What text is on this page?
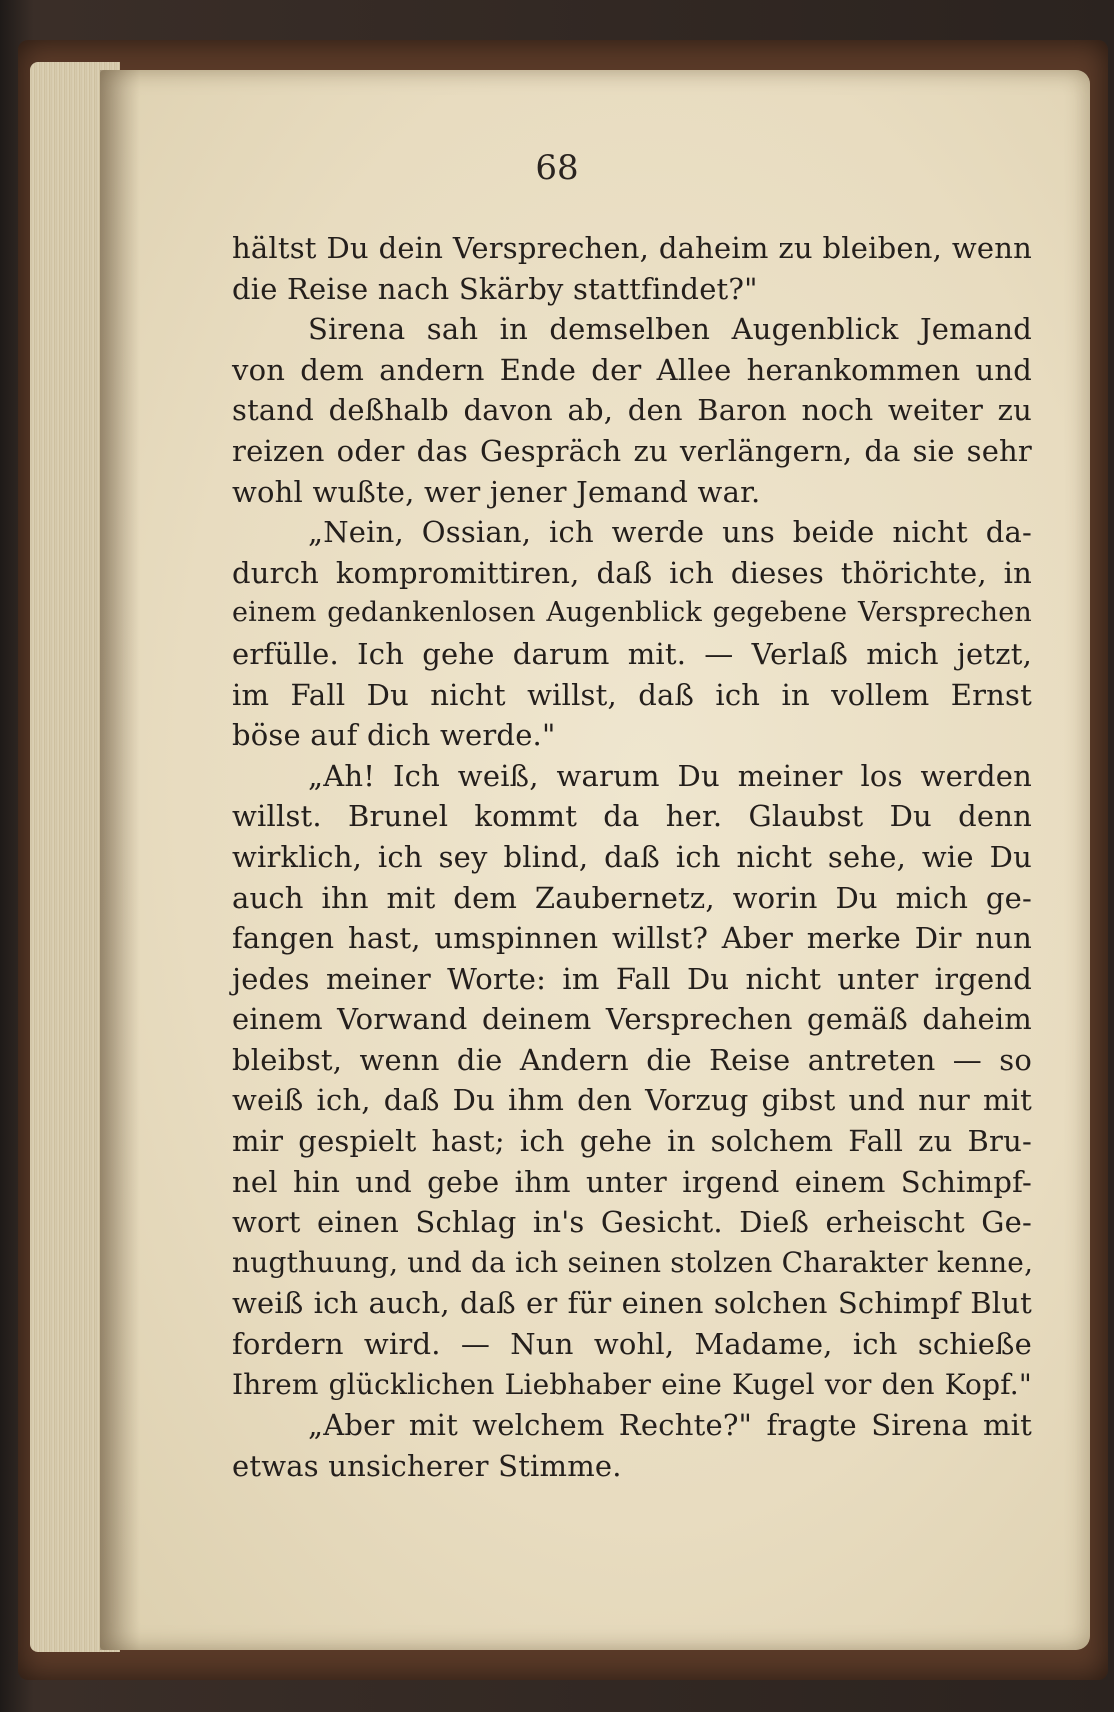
68
hältst Du dein Versprechen, daheim zu bleiben, wenn
die Reise nach Skärby stattfindet?"
Sirena sah in demselben Augenblick Jemand
von dem andern Ende der Allee herankommen und
stand deßhalb davon ab, den Baron noch weiter zu
reizen oder das Gespräch zu verlängern, da sie sehr
wohl wußte, wer jener Jemand war.
„Nein, Ossian, ich werde uns beide nicht da-
durch kompromittiren, daß ich dieses thörichte, in
einem gedankenlosen Augenblick gegebene Versprechen
erfülle. Ich gehe darum mit. — Verlaß mich jetzt,
im Fall Du nicht willst, daß ich in vollem Ernst
böse auf dich werde."
„Ah! Ich weiß, warum Du meiner los werden
willst. Brunel kommt da her. Glaubst Du denn
wirklich, ich sey blind, daß ich nicht sehe, wie Du
auch ihn mit dem Zaubernetz, worin Du mich ge-
fangen hast, umspinnen willst? Aber merke Dir nun
jedes meiner Worte: im Fall Du nicht unter irgend
einem Vorwand deinem Versprechen gemäß daheim
bleibst, wenn die Andern die Reise antreten — so
weiß ich, daß Du ihm den Vorzug gibst und nur mit
mir gespielt hast; ich gehe in solchem Fall zu Bru-
nel hin und gebe ihm unter irgend einem Schimpf-
wort einen Schlag in's Gesicht. Dieß erheischt Ge-
nugthuung, und da ich seinen stolzen Charakter kenne,
weiß ich auch, daß er für einen solchen Schimpf Blut
fordern wird. — Nun wohl, Madame, ich schieße
Ihrem glücklichen Liebhaber eine Kugel vor den Kopf."
„Aber mit welchem Rechte?" fragte Sirena mit
etwas unsicherer Stimme.
